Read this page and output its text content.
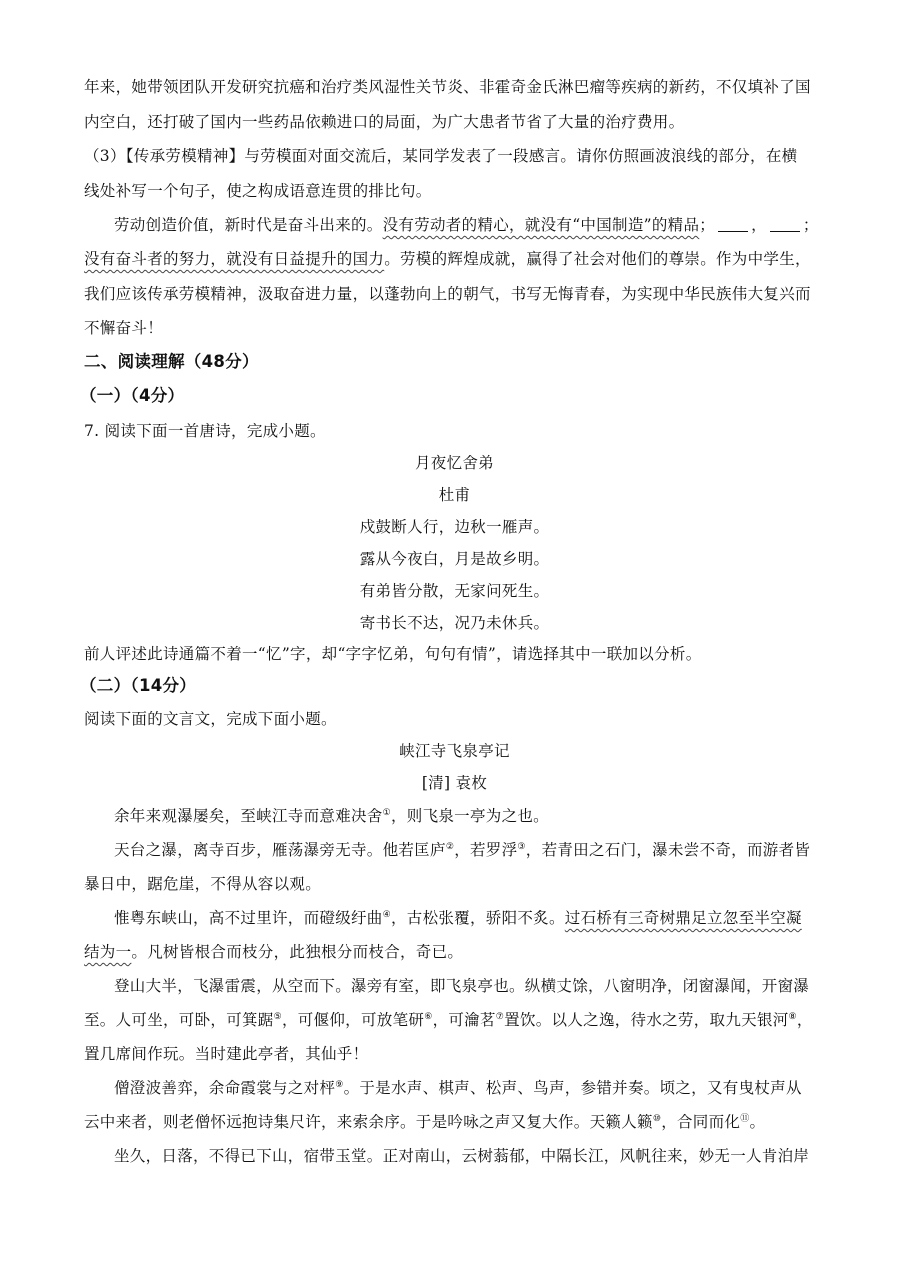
年来，她带领团队开发研究抗癌和治疗类风湿性关节炎、非霍奇金氏淋巴瘤等疾病的新药，不仅填补了国
内空白，还打破了国内一些药品依赖进口的局面，为广大患者节省了大量的治疗费用。
（3）【传承劳模精神】与劳模面对面交流后，某同学发表了一段感言。请你仿照画波浪线的部分，在横
线处补写一个句子，使之构成语意连贯的排比句。
劳动创造价值，新时代是奋斗出来的。没有劳动者的精心，就没有“中国制造”的精品； ， ；
没有奋斗者的努力，就没有日益提升的国力。劳模的辉煌成就，赢得了社会对他们的尊崇。作为中学生，
我们应该传承劳模精神，汲取奋进力量，以蓬勃向上的朝气，书写无悔青春，为实现中华民族伟大复兴而
不懈奋斗！
二、阅读理解（48分）
（一）（4分）
7. 阅读下面一首唐诗，完成小题。
月夜忆舍弟
杜甫
戍鼓断人行，边秋一雁声。
露从今夜白，月是故乡明。
有弟皆分散，无家问死生。
寄书长不达，况乃未休兵。
前人评述此诗通篇不着一“忆”字，却“字字忆弟，句句有情”，请选择其中一联加以分析。
（二）（14分）
阅读下面的文言文，完成下面小题。
峡江寺飞泉亭记
[清] 袁枚
余年来观瀑屡矣，至峡江寺而意难决舍①，则飞泉一亭为之也。
天台之瀑，离寺百步，雁荡瀑旁无寺。他若匡庐②，若罗浮③，若青田之石门，瀑未尝不奇，而游者皆
暴日中，踞危崖，不得从容以观。
惟粤东峡山，高不过里许，而磴级纡曲④，古松张覆，骄阳不炙。过石桥有三奇树鼎足立忽至半空凝
结为一。凡树皆根合而枝分，此独根分而枝合，奇已。
登山大半，飞瀑雷震，从空而下。瀑旁有室，即飞泉亭也。纵横丈馀，八窗明净，闭窗瀑闻，开窗瀑
至。人可坐，可卧，可箕踞⑤，可偃仰，可放笔研⑥，可瀹茗⑦置饮。以人之逸，待水之劳，取九天银河⑧，
置几席间作玩。当时建此亭者，其仙乎！
僧澄波善弈，余命霞裳与之对枰⑨。于是水声、棋声、松声、鸟声，参错并奏。顷之，又有曳杖声从
云中来者，则老僧怀远抱诗集尺许，来索余序。于是吟咏之声又复大作。天籁人籁⑩，合同而化⑪。
坐久，日落，不得已下山，宿带玉堂。正对南山，云树蓊郁，中隔长江，风帆往来，妙无一人肯泊岸
